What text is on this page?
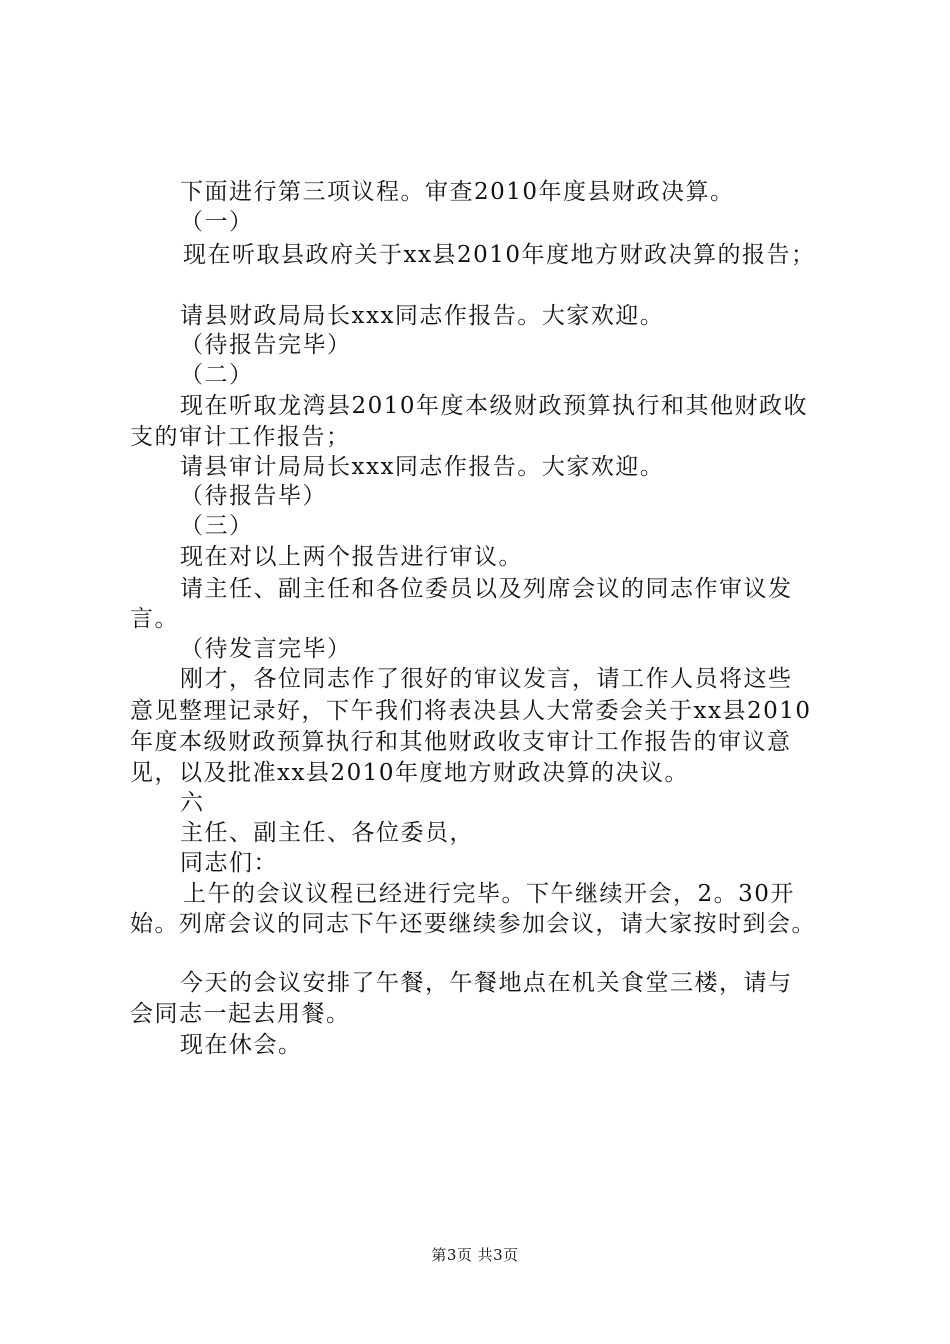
下面进行第三项议程。审查2010年度县财政决算。
（一）
现在听取县政府关于xx县2010年度地方财政决算的报告；
请县财政局局长xxx同志作报告。大家欢迎。
（待报告完毕）
（二）
现在听取龙湾县2010年度本级财政预算执行和其他财政收
支的审计工作报告；
请县审计局局长xxx同志作报告。大家欢迎。
（待报告毕）
（三）
现在对以上两个报告进行审议。
请主任、副主任和各位委员以及列席会议的同志作审议发
言。
（待发言完毕）
刚才，各位同志作了很好的审议发言，请工作人员将这些
意见整理记录好，下午我们将表决县人大常委会关于xx县2010
年度本级财政预算执行和其他财政收支审计工作报告的审议意
见，以及批准xx县2010年度地方财政决算的决议。
六
主任、副主任、各位委员，
同志们：
上午的会议议程已经进行完毕。下午继续开会，2。30开
始。列席会议的同志下午还要继续参加会议，请大家按时到会。
今天的会议安排了午餐，午餐地点在机关食堂三楼，请与
会同志一起去用餐。
现在休会。
第3页 共3页
